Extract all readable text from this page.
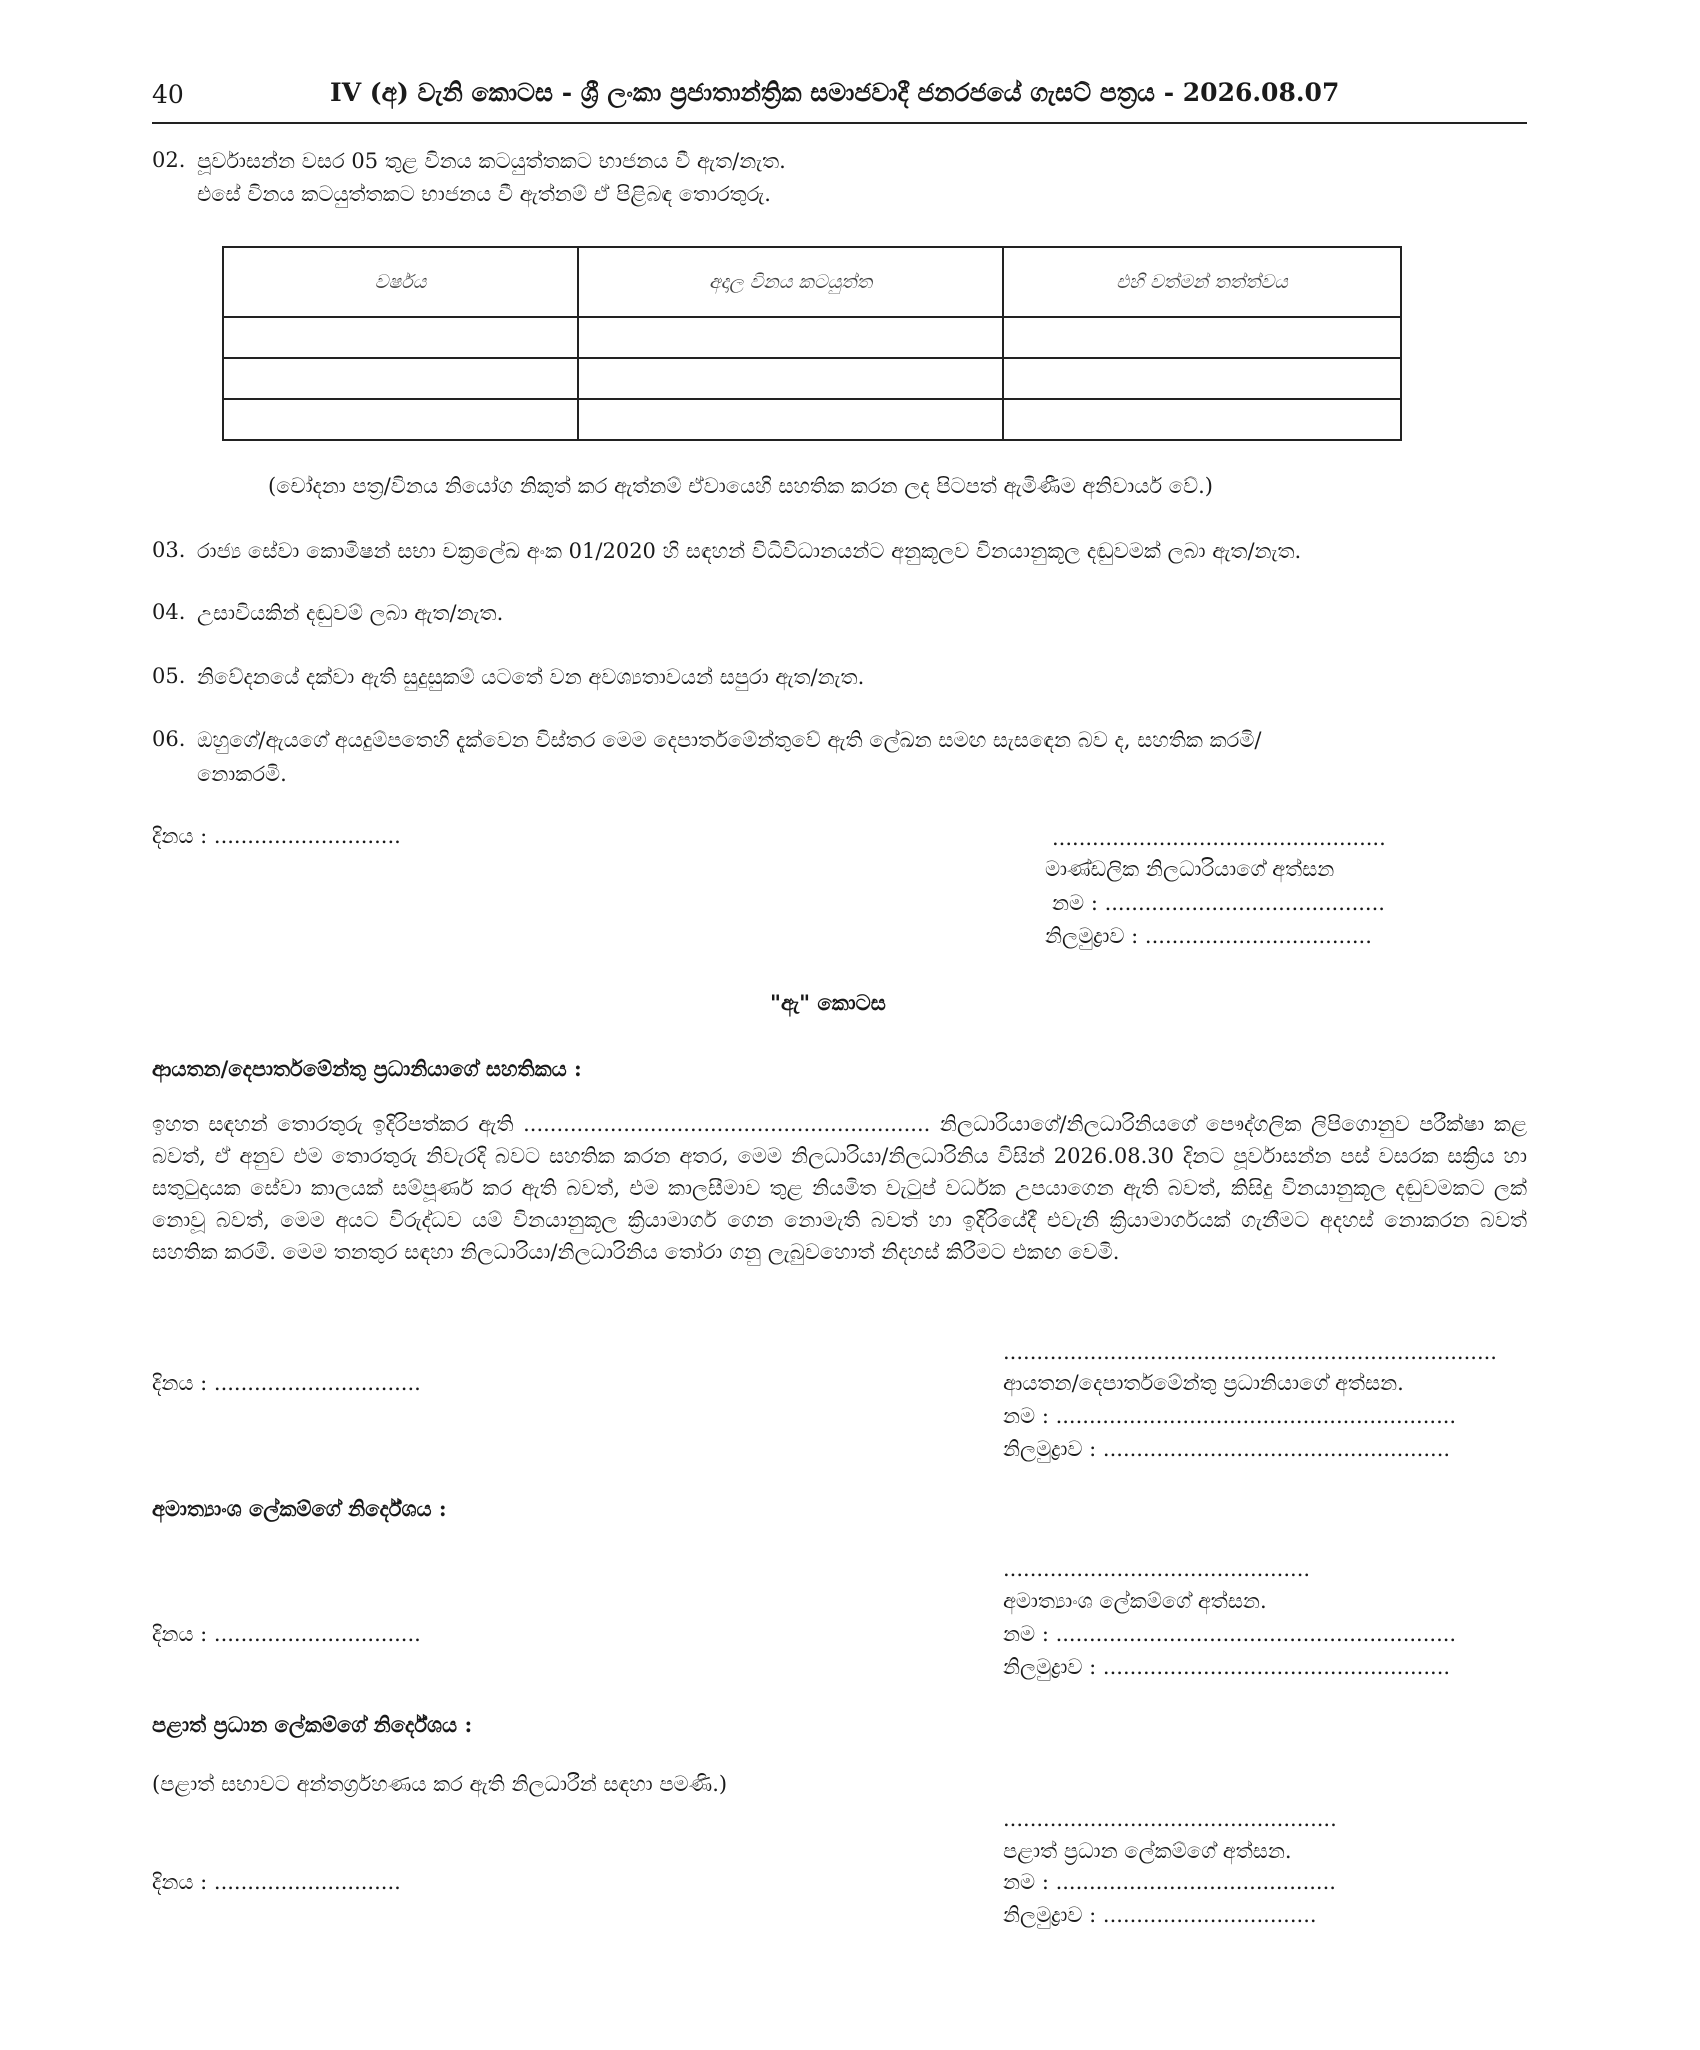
40	IV (අ) වැනි කොටස - ශ්‍රී ලංකා ප්‍රජාතාන්ත්‍රික සමාජවාදී ජනරජයේ ගැසට් පත්‍රය - 2026.08.07
02. පූර්වාසන්න වසර 05 තුළ විනය කටයුත්තකට භාජනය වී ඇත/නැත.
එසේ විනය කටයුත්තකට භාජනය වී ඇත්නම් ඒ පිළිබඳ තොරතුරු.
වර්ෂය	අදාල විනය කටයුත්ත	එහි වත්මන් තත්ත්වය

(චෝදනා පත්‍ර/විනය නියෝග නිකුත් කර ඇත්නම් ඒවායෙහි සහතික කරන ලද පිටපත් ඇමිණීම අනිවාර්ය වේ.)
03. රාජ්‍ය සේවා කොමිෂන් සභා චක්‍රලේඛ අංක 01/2020 හි සඳහන් විධිවිධානයන්ට අනුකූලව විනයානුකූල දඬුවමක් ලබා ඇත/නැත.
04. උසාවියකින් දඬුවම් ලබා ඇත/නැත.
05. නිවේදනයේ දක්වා ඇති සුදුසුකම් යටතේ වන අවශ්‍යතාවයන් සපුරා ඇත/නැත.
06. ඔහුගේ/ඇයගේ අයදුම්පතෙහි දැක්වෙන විස්තර මෙම දෙපාර්තමේන්තුවේ ඇති ලේඛන සමඟ සැසඳෙන බව ද, සහතික කරමි/
නොකරමි.
දිනය : ............................	..................................................
මාණ්ඩලික නිලධාරියාගේ අත්සන
නම : ..........................................
නිලමුද්‍රාව : ..................................
"ඇ" කොටස
ආයතන/දෙපාර්තමේන්තු ප්‍රධානියාගේ සහතිකය :
ඉහත සඳහන් තොරතුරු ඉදිරිපත්කර ඇති ............................................................. නිලධාරියාගේ/නිලධාරිනියගේ පෞද්ගලික ලිපිගොනුව පරීක්ෂා කළ බවත්, ඒ අනුව එම තොරතුරු නිවැරදි බවට සහතික කරන අතර, මෙම නිලධාරියා/නිලධාරිනිය විසින් 2026.08.30 දිනට පූර්වාසන්න පස් වසරක සක්‍රිය හා සතුටුදායක සේවා කාලයක් සම්පූර්ණ කර ඇති බවත්, එම කාලසීමාව තුළ නියමිත වැටුප් වර්ධක උපයාගෙන ඇති බවත්, කිසිදු විනයානුකූල දඬුවමකට ලක් නොවූ බවත්, මෙම අයට විරුද්ධව යම් විනයානුකූල ක්‍රියාමාර්ග ගෙන නොමැති බවත් හා ඉදිරියේදී එවැනි ක්‍රියාමාර්ගයක් ගැනීමට අදහස් නොකරන බවත් සහතික කරමි. මෙම තනතුර සඳහා නිලධාරියා/නිලධාරිනිය තෝරා ගනු ලැබුවහොත් නිදහස් කිරීමට එකඟ වෙමි.
..........................................................................
දිනය : ...............................	ආයතන/දෙපාර්තමේන්තු ප්‍රධානියාගේ අත්සන.
නම : ............................................................
නිලමුද්‍රාව : ....................................................
අමාත්‍යාංශ ලේකම්ගේ නිර්දේශය :
..............................................
අමාත්‍යාංශ ලේකම්ගේ අත්සන.
දිනය : ...............................	නම : ............................................................
නිලමුද්‍රාව : ....................................................
පළාත් ප්‍රධාන ලේකම්ගේ නිර්දේශය :
(පළාත් සභාවට අන්තර්ග්‍රහණය කර ඇති නිලධාරීන් සඳහා පමණි.)
..................................................
පළාත් ප්‍රධාන ලේකම්ගේ අත්සන.
දිනය : ............................	නම : ..........................................
නිලමුද්‍රාව : ................................
